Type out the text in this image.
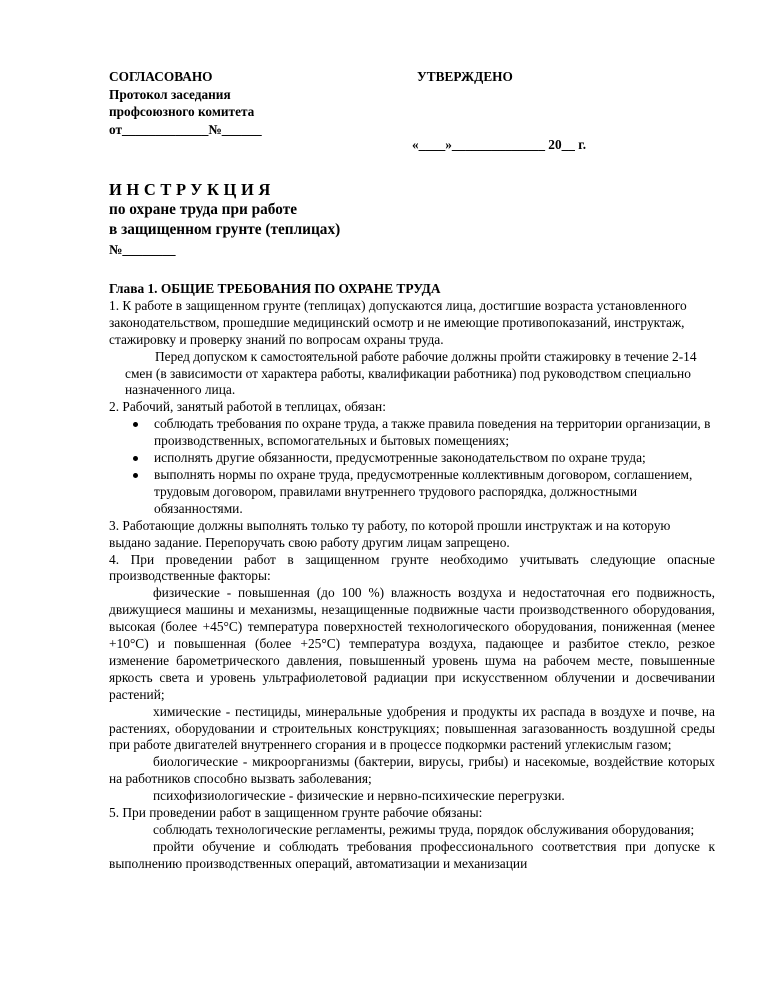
СОГЛАСОВАНО
Протокол заседания
профсоюзного комитета
от_____________№______
УТВЕРЖДЕНО
«____»______________ 20__ г.
ИНСТРУКЦИЯ
по охране труда при работе
в защищенном грунте (теплицах)
№________

Глава 1. ОБЩИЕ ТРЕБОВАНИЯ ПО ОХРАНЕ ТРУДА

1. К работе в защищенном грунте (теплицах) допускаются лица, достигшие возраста установленного законодательством, прошедшие медицинский осмотр и не имеющие противопоказаний, инструктаж, стажировку и проверку знаний по вопросам охраны труда.

Перед допуском к самостоятельной работе рабочие должны пройти стажировку в течение 2-14 смен (в зависимости от характера работы, квалификации работника) под руководством специально назначенного лица.

2. Рабочий, занятый работой в теплицах, обязан:

соблюдать требования по охране труда, а также правила поведения на территории организации, в производственных, вспомогательных и бытовых помещениях;
исполнять другие обязанности, предусмотренные законодательством по охране труда;
выполнять нормы по охране труда, предусмотренные коллективным договором, соглашением, трудовым договором, правилами внутреннего трудового распорядка, должностными обязанностями.

3. Работающие должны выполнять только ту работу, по которой прошли инструктаж и на которую выдано задание. Перепоручать свою работу другим лицам запрещено.

4. При проведении работ в защищенном грунте необходимо учитывать следующие опасные производственные факторы:

физические - повышенная (до 100 %) влажность воздуха и недостаточная его подвижность, движущиеся машины и механизмы, незащищенные подвижные части производственного оборудования, высокая (более +45°С) температура поверхностей технологического оборудования, пониженная (менее +10°С) и повышенная (более +25°С) температура воздуха, падающее и разбитое стекло, резкое изменение барометрического давления, повышенный уровень шума на рабочем месте, повышенные яркость света и уровень ультрафиолетовой радиации при искусственном облучении и досвечивании растений;

химические - пестициды, минеральные удобрения и продукты их распада в воздухе и почве, на растениях, оборудовании и строительных конструкциях; повышенная загазованность воздушной среды при работе двигателей внутреннего сгорания и в процессе подкормки растений углекислым газом;

биологические - микроорганизмы (бактерии, вирусы, грибы) и насекомые, воздействие которых на работников способно вызвать заболевания;

психофизиологические - физические и нервно-психические перегрузки.

5. При проведении работ в защищенном грунте рабочие обязаны:

соблюдать технологические регламенты, режимы труда, порядок обслуживания оборудования;

пройти обучение и соблюдать требования профессионального соответствия при допуске к выполнению производственных операций, автоматизации и механизации
